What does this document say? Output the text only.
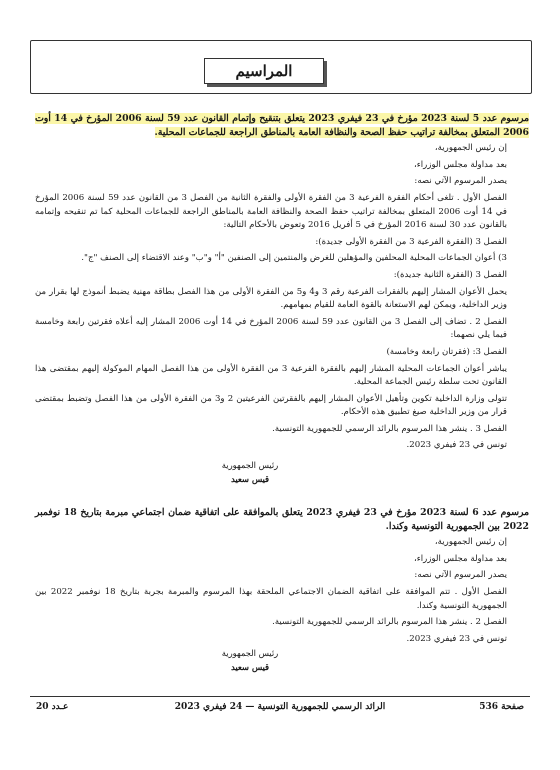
المراسيم
مرسوم عدد 5 لسنة 2023 مؤرخ في 23 فيفري 2023 يتعلق بتنقيح وإتمام القانون عدد 59 لسنة 2006 المؤرخ في 14 أوت 2006 المتعلق بمخالفة تراتيب حفظ الصحة والنظافة العامة بالمناطق الراجعة للجماعات المحلية.
إن رئيس الجمهورية،
بعد مداولة مجلس الوزراء،
يصدر المرسوم الآتي نصه:
الفصل الأول . تلغى أحكام الفقرة الفرعية 3 من الفقرة الأولى والفقرة الثانية من الفصل 3 من القانون عدد 59 لسنة 2006 المؤرخ في 14 أوت 2006 المتعلق بمخالفة تراتيب حفظ الصحة والنظافة العامة بالمناطق الراجعة للجماعات المحلية كما تم تنقيحه وإتمامه بالقانون عدد 30 لسنة 2016 المؤرخ في 5 أفريل 2016 وتعوض بالأحكام التالية:
الفصل 3 (الفقرة الفرعية 3 من الفقرة الأولى جديدة):
3) أعوان الجماعات المحلية المحلفين والمؤهلين للغرض والمنتمين إلى الصنفين "أ" و"ب" وعند الاقتضاء إلى الصنف "ج".
الفصل 3 (الفقرة الثانية جديدة):
يحمل الأعوان المشار إليهم بالفقرات الفرعية رقم 3 و4 و5 من الفقرة الأولى من هذا الفصل بطاقة مهنية يضبط أنموذج لها بقرار من وزير الداخلية، ويمكن لهم الاستعانة بالقوة العامة للقيام بمهامهم.
الفصل 2 . تضاف إلى الفصل 3 من القانون عدد 59 لسنة 2006 المؤرخ في 14 أوت 2006 المشار إليه أعلاه فقرتين رابعة وخامسة فيما يلي نصهما:
الفصل 3: (فقرتان رابعة وخامسة)
يباشر أعوان الجماعات المحلية المشار إليهم بالفقرة الفرعية 3 من الفقرة الأولى من هذا الفصل المهام الموكولة إليهم بمقتضى هذا القانون تحت سلطة رئيس الجماعة المحلية.
تتولى وزارة الداخلية تكوين وتأهيل الأعوان المشار إليهم بالفقرتين الفرعيتين 2 و3 من الفقرة الأولى من هذا الفصل وتضبط بمقتضى قرار من وزير الداخلية صيغ تطبيق هذه الأحكام.
الفصل 3 . ينشر هذا المرسوم بالرائد الرسمي للجمهورية التونسية.
تونس في 23 فيفري 2023.
رئيس الجمهورية
قيس سعيد
مرسوم عدد 6 لسنة 2023 مؤرخ في 23 فيفري 2023 يتعلق بالموافقة على اتفاقية ضمان اجتماعي مبرمة بتاريخ 18 نوفمبر 2022 بين الجمهورية التونسية وكندا.
إن رئيس الجمهورية،
بعد مداولة مجلس الوزراء،
يصدر المرسوم الآتي نصه:
الفصل الأول . تتم الموافقة على اتفاقية الضمان الاجتماعي الملحقة بهذا المرسوم والمبرمة بجربة بتاريخ 18 نوفمبر 2022 بين الجمهورية التونسية وكندا.
الفصل 2 . ينشر هذا المرسوم بالرائد الرسمي للجمهورية التونسية.
تونس في 23 فيفري 2023.
رئيس الجمهورية
قيس سعيد
صفحة 536
الرائد الرسمي للجمهورية التونسية — 24 فيفري 2023
عـدد 20
